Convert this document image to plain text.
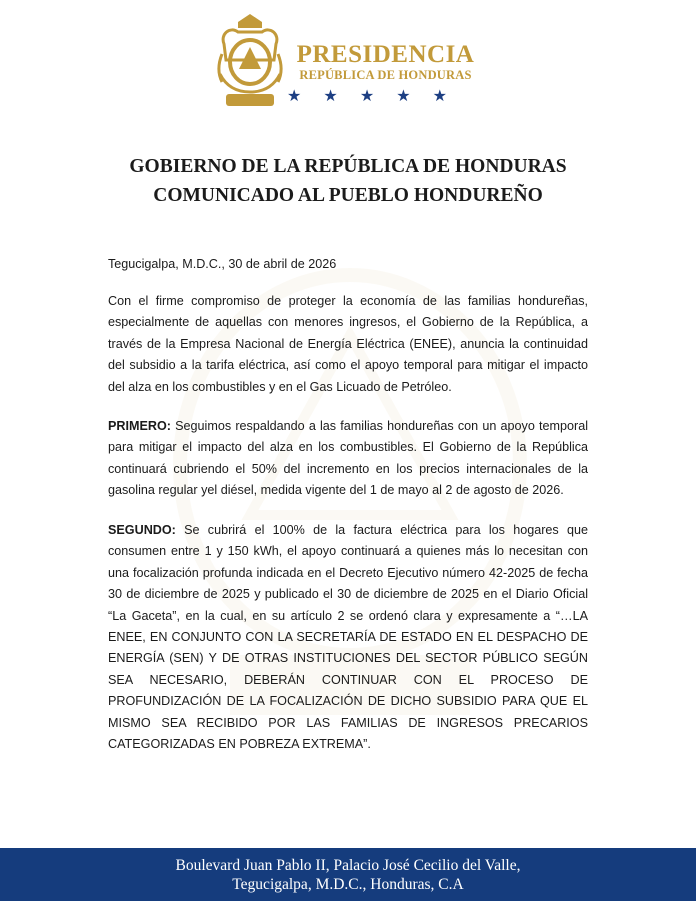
PRESIDENCIA
REPÚBLICA DE HONDURAS
★ ★ ★ ★ ★
GOBIERNO DE LA REPÚBLICA DE HONDURAS
COMUNICADO AL PUEBLO HONDUREÑO

Tegucigalpa, M.D.C., 30 de abril de 2026

Con el firme compromiso de proteger la economía de las familias hondureñas, especialmente de aquellas con menores ingresos, el Gobierno de la República, a través de la Empresa Nacional de Energía Eléctrica (ENEE), anuncia la continuidad del subsidio a la tarifa eléctrica, así como el apoyo temporal para mitigar el impacto del alza en los combustibles y en el Gas Licuado de Petróleo.

PRIMERO: Seguimos respaldando a las familias hondureñas con un apoyo temporal para mitigar el impacto del alza en los combustibles. El Gobierno de la República continuará cubriendo el 50% del incremento en los precios internacionales de la gasolina regular yel diésel, medida vigente del 1 de mayo al 2 de agosto de 2026.

SEGUNDO: Se cubrirá el 100% de la factura eléctrica para los hogares que consumen entre 1 y 150 kWh, el apoyo continuará a quienes más lo necesitan con una focalización profunda indicada en el Decreto Ejecutivo número 42-2025 de fecha 30 de diciembre de 2025 y publicado el 30 de diciembre de 2025 en el Diario Oficial “La Gaceta”, en la cual, en su artículo 2 se ordenó clara y expresamente a “…LA ENEE, EN CONJUNTO CON LA SECRETARÍA DE ESTADO EN EL DESPACHO DE ENERGÍA (SEN) Y DE OTRAS INSTITUCIONES DEL SECTOR PÚBLICO SEGÚN SEA NECESARIO, DEBERÁN CONTINUAR CON EL PROCESO DE PROFUNDIZACIÓN DE LA FOCALIZACIÓN DE DICHO SUBSIDIO PARA QUE EL MISMO SEA RECIBIDO POR LAS FAMILIAS DE INGRESOS PRECARIOS CATEGORIZADAS EN POBREZA EXTREMA”.

Boulevard Juan Pablo II, Palacio José Cecilio del Valle,
Tegucigalpa, M.D.C., Honduras, C.A
